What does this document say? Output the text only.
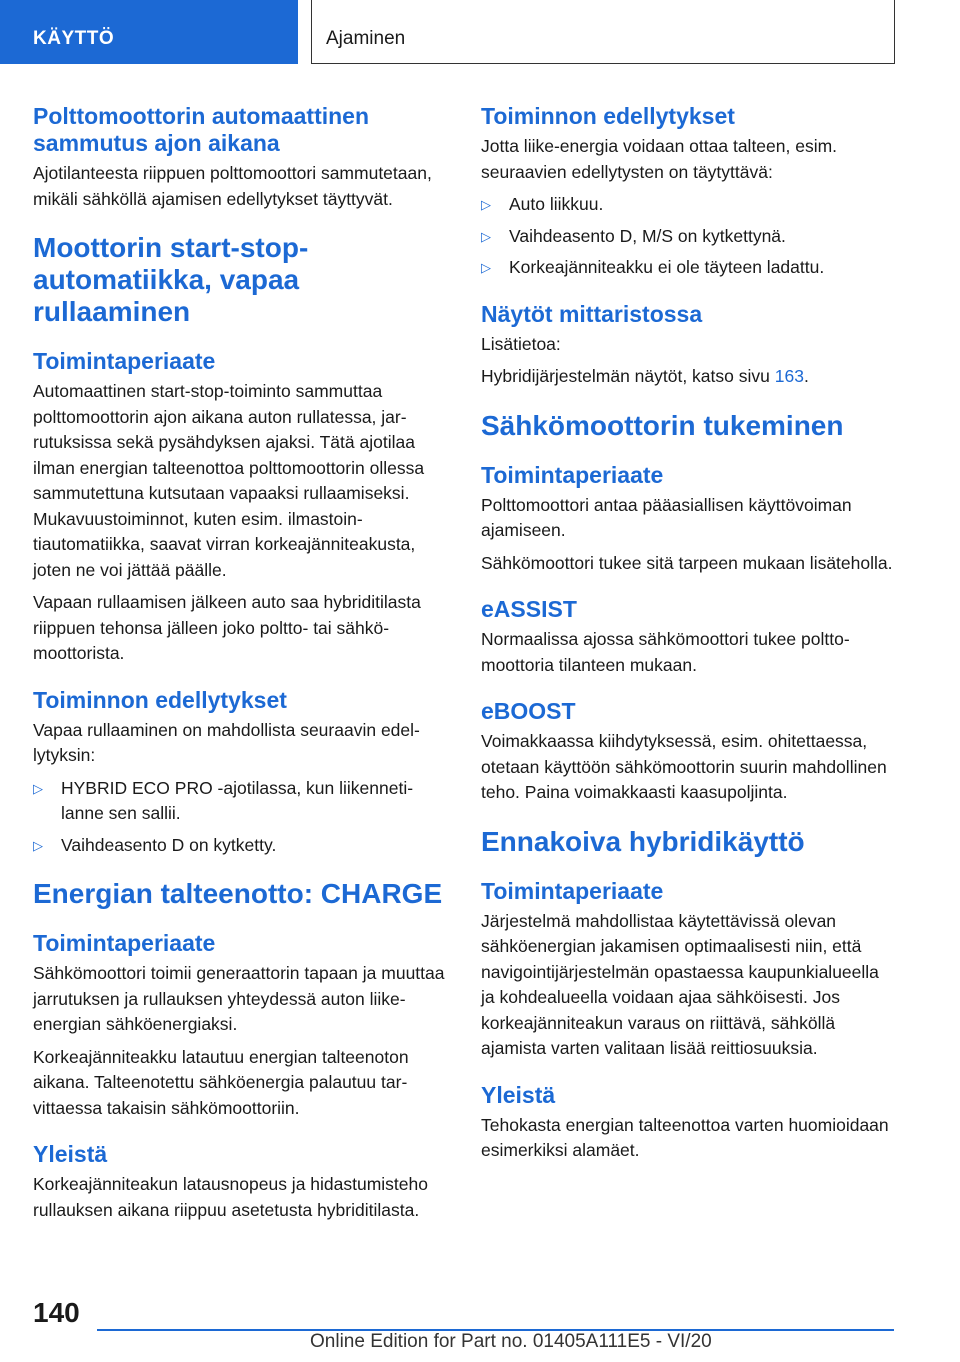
KÄYTTÖ	Ajaminen
Polttomoottorin automaattinen sammutus ajon aikana

Ajotilanteesta riippuen polttomoottori sammutetaan, mikäli sähköllä ajamisen edellytykset täyttyvät.

Moottorin start-stop-automatiikka, vapaa rullaaminen
Toimintaperiaate

Automaattinen start-stop-toiminto sammuttaa polttomoottorin ajon aikana auton rullatessa, jarrutuksissa sekä pysähdyksen ajaksi. Tätä ajotilaa ilman energian talteenottoa polttomoottorin ollessa sammutettuna kutsutaan vapaaksi rullaamiseksi. Mukavuustoiminnot, kuten esim. ilmastointiautomatiikka, saavat virran korkeajänniteakusta, joten ne voi jättää päälle.

Vapaan rullaamisen jälkeen auto saa hybriditilasta riippuen tehonsa jälleen joko poltto- tai sähkömoottorista.

Toiminnon edellytykset

Vapaa rullaaminen on mahdollista seuraavin edellytyksin:

▷ HYBRID ECO PRO -ajotilassa, kun liikennetilanne sen sallii.
▷ Vaihdeasento D on kytketty.
Energian talteenotto: CHARGE
Toimintaperiaate

Sähkömoottori toimii generaattorin tapaan ja muuttaa jarrutuksen ja rullauksen yhteydessä auton liike-energian sähköenergiaksi.

Korkeajänniteakku latautuu energian talteenoton aikana. Talteenotettu sähköenergia palautuu tarvittaessa takaisin sähkömoottoriin.

Yleistä

Korkeajänniteakun latausnopeus ja hidastumisteho rullauksen aikana riippuu asetetusta hybriditilasta.

Toiminnon edellytykset

Jotta liike-energia voidaan ottaa talteen, esim. seuraavien edellytysten on täytyttävä:

▷ Auto liikkuu.
▷ Vaihdeasento D, M/S on kytkettynä.
▷ Korkeajänniteakku ei ole täyteen ladattu.
Näytöt mittaristossa

Lisätietoa:

Hybridijärjestelmän näytöt, katso sivu 163.

Sähkömoottorin tukeminen
Toimintaperiaate

Polttomoottori antaa pääasiallisen käyttövoiman ajamiseen.

Sähkömoottori tukee sitä tarpeen mukaan lisäteholla.

eASSIST

Normaalissa ajossa sähkömoottori tukee polttomoottoria tilanteen mukaan.

eBOOST

Voimakkaassa kiihdytyksessä, esim. ohitettaessa, otetaan käyttöön sähkömoottorin suurin mahdollinen teho. Paina voimakkaasti kaasupoljinta.

Ennakoiva hybridikäyttö
Toimintaperiaate

Järjestelmä mahdollistaa käytettävissä olevan sähköenergian jakamisen optimaalisesti niin, että navigointijärjestelmän opastaessa kaupunkialueella ja kohdealueella voidaan ajaa sähköisesti. Jos korkeajänniteakun varaus on riittävä, sähköllä ajamista varten valitaan lisää reittiosuuksia.

Yleistä

Tehokasta energian talteenottoa varten huomioidaan esimerkiksi alamäet.

140
Online Edition for Part no. 01405A111E5 - VI/20
